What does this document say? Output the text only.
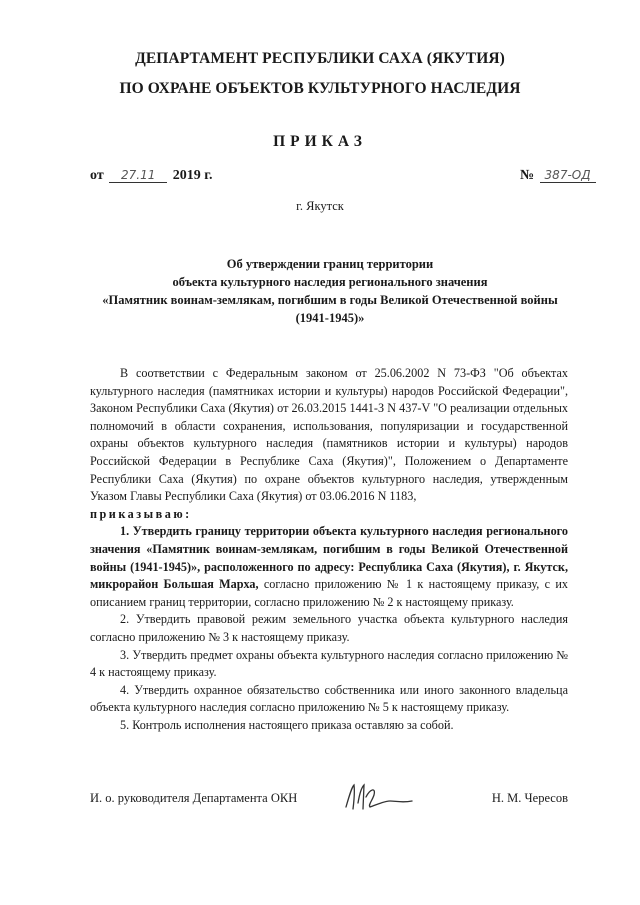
ДЕПАРТАМЕНТ РЕСПУБЛИКИ САХА (ЯКУТИЯ)
ПО ОХРАНЕ ОБЪЕКТОВ КУЛЬТУРНОГО НАСЛЕДИЯ
ПРИКАЗ
от 27.11 2019 г.	№ 387-ОД
г. Якутск
Об утверждении границ территории
объекта культурного наследия регионального значения
«Памятник воинам-землякам, погибшим в годы Великой Отечественной войны
(1941-1945)»

В соответствии с Федеральным законом от 25.06.2002 N 73-ФЗ "Об объектах культурного наследия (памятниках истории и культуры) народов Российской Федерации", Законом Республики Саха (Якутия) от 26.03.2015 1441-З N 437-V "О реализации отдельных полномочий в области сохранения, использования, популяризации и государственной охраны объектов культурного наследия (памятников истории и культуры) народов Российской Федерации в Республике Саха (Якутия)", Положением о Департаменте Республики Саха (Якутия) по охране объектов культурного наследия, утвержденным Указом Главы Республики Саха (Якутия) от 03.06.2016 N 1183,

приказываю:

1. Утвердить границу территории объекта культурного наследия регионального значения «Памятник воинам-землякам, погибшим в годы Великой Отечественной войны (1941-1945)», расположенного по адресу: Республика Саха (Якутия), г. Якутск, микрорайон Большая Марха, согласно приложению № 1 к настоящему приказу, с их описанием границ территории, согласно приложению № 2 к настоящему приказу.

2. Утвердить правовой режим земельного участка объекта культурного наследия согласно приложению № 3 к настоящему приказу.

3. Утвердить предмет охраны объекта культурного наследия согласно приложению № 4 к настоящему приказу.

4. Утвердить охранное обязательство собственника или иного законного владельца объекта культурного наследия согласно приложению № 5 к настоящему приказу.

5. Контроль исполнения настоящего приказа оставляю за собой.

И. о. руководителя Департамента ОКН	Н. М. Чересов
